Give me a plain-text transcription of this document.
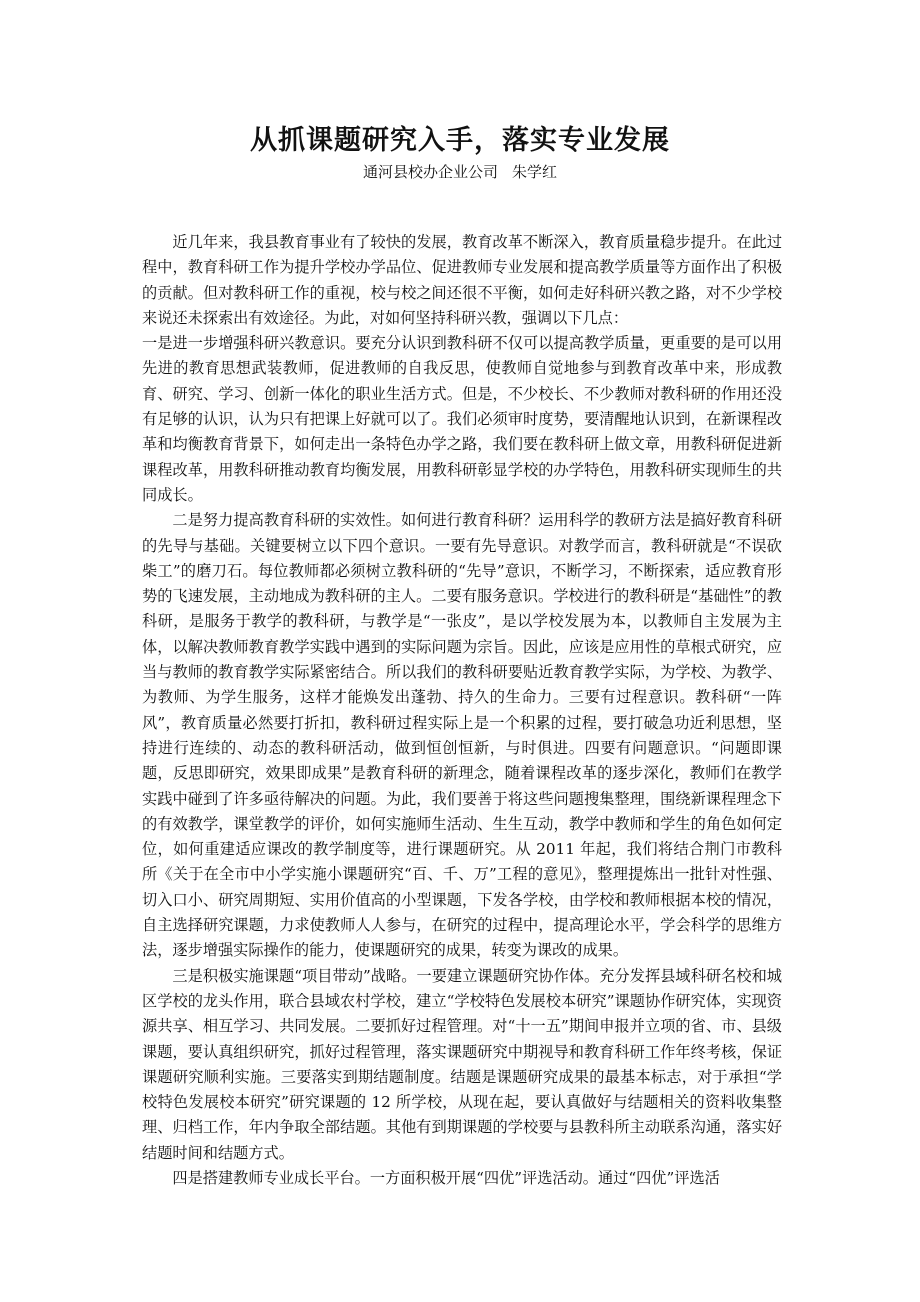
从抓课题研究入手，落实专业发展
通河县校办企业公司 朱学红

近几年来，我县教育事业有了较快的发展，教育改革不断深入，教育质量稳步提升。在此过程中，教育科研工作为提升学校办学品位、促进教师专业发展和提高教学质量等方面作出了积极的贡献。但对教科研工作的重视，校与校之间还很不平衡，如何走好科研兴教之路，对不少学校来说还未探索出有效途径。为此，对如何坚持科研兴教，强调以下几点：

一是进一步增强科研兴教意识。要充分认识到教科研不仅可以提高教学质量，更重要的是可以用先进的教育思想武装教师，促进教师的自我反思，使教师自觉地参与到教育改革中来，形成教育、研究、学习、创新一体化的职业生活方式。但是，不少校长、不少教师对教科研的作用还没有足够的认识，认为只有把课上好就可以了。我们必须审时度势，要清醒地认识到，在新课程改革和均衡教育背景下，如何走出一条特色办学之路，我们要在教科研上做文章，用教科研促进新课程改革，用教科研推动教育均衡发展，用教科研彰显学校的办学特色，用教科研实现师生的共同成长。

二是努力提高教育科研的实效性。如何进行教育科研？运用科学的教研方法是搞好教育科研的先导与基础。关键要树立以下四个意识。一要有先导意识。对教学而言，教科研就是“不误砍柴工”的磨刀石。每位教师都必须树立教科研的“先导”意识，不断学习，不断探索，适应教育形势的飞速发展，主动地成为教科研的主人。二要有服务意识。学校进行的教科研是“基础性”的教科研，是服务于教学的教科研，与教学是“一张皮”，是以学校发展为本，以教师自主发展为主体，以解决教师教育教学实践中遇到的实际问题为宗旨。因此，应该是应用性的草根式研究，应当与教师的教育教学实际紧密结合。所以我们的教科研要贴近教育教学实际，为学校、为教学、为教师、为学生服务，这样才能焕发出蓬勃、持久的生命力。三要有过程意识。教科研“一阵风”，教育质量必然要打折扣，教科研过程实际上是一个积累的过程，要打破急功近利思想，坚持进行连续的、动态的教科研活动，做到恒创恒新，与时俱进。四要有问题意识。“问题即课题，反思即研究，效果即成果”是教育科研的新理念，随着课程改革的逐步深化，教师们在教学实践中碰到了许多亟待解决的问题。为此，我们要善于将这些问题搜集整理，围绕新课程理念下的有效教学，课堂教学的评价，如何实施师生活动、生生互动，教学中教师和学生的角色如何定位，如何重建适应课改的教学制度等，进行课题研究。从 2011 年起，我们将结合荆门市教科所《关于在全市中小学实施小课题研究“百、千、万”工程的意见》，整理提炼出一批针对性强、切入口小、研究周期短、实用价值高的小型课题，下发各学校，由学校和教师根据本校的情况，自主选择研究课题，力求使教师人人参与，在研究的过程中，提高理论水平，学会科学的思维方法，逐步增强实际操作的能力，使课题研究的成果，转变为课改的成果。

三是积极实施课题“项目带动”战略。一要建立课题研究协作体。充分发挥县域科研名校和城区学校的龙头作用，联合县域农村学校，建立“学校特色发展校本研究”课题协作研究体，实现资源共享、相互学习、共同发展。二要抓好过程管理。对“十一五”期间申报并立项的省、市、县级课题，要认真组织研究，抓好过程管理，落实课题研究中期视导和教育科研工作年终考核，保证课题研究顺利实施。三要落实到期结题制度。结题是课题研究成果的最基本标志，对于承担“学校特色发展校本研究”研究课题的 12 所学校，从现在起，要认真做好与结题相关的资料收集整理、归档工作，年内争取全部结题。其他有到期课题的学校要与县教科所主动联系沟通，落实好结题时间和结题方式。

四是搭建教师专业成长平台。一方面积极开展“四优”评选活动。通过“四优”评选活
